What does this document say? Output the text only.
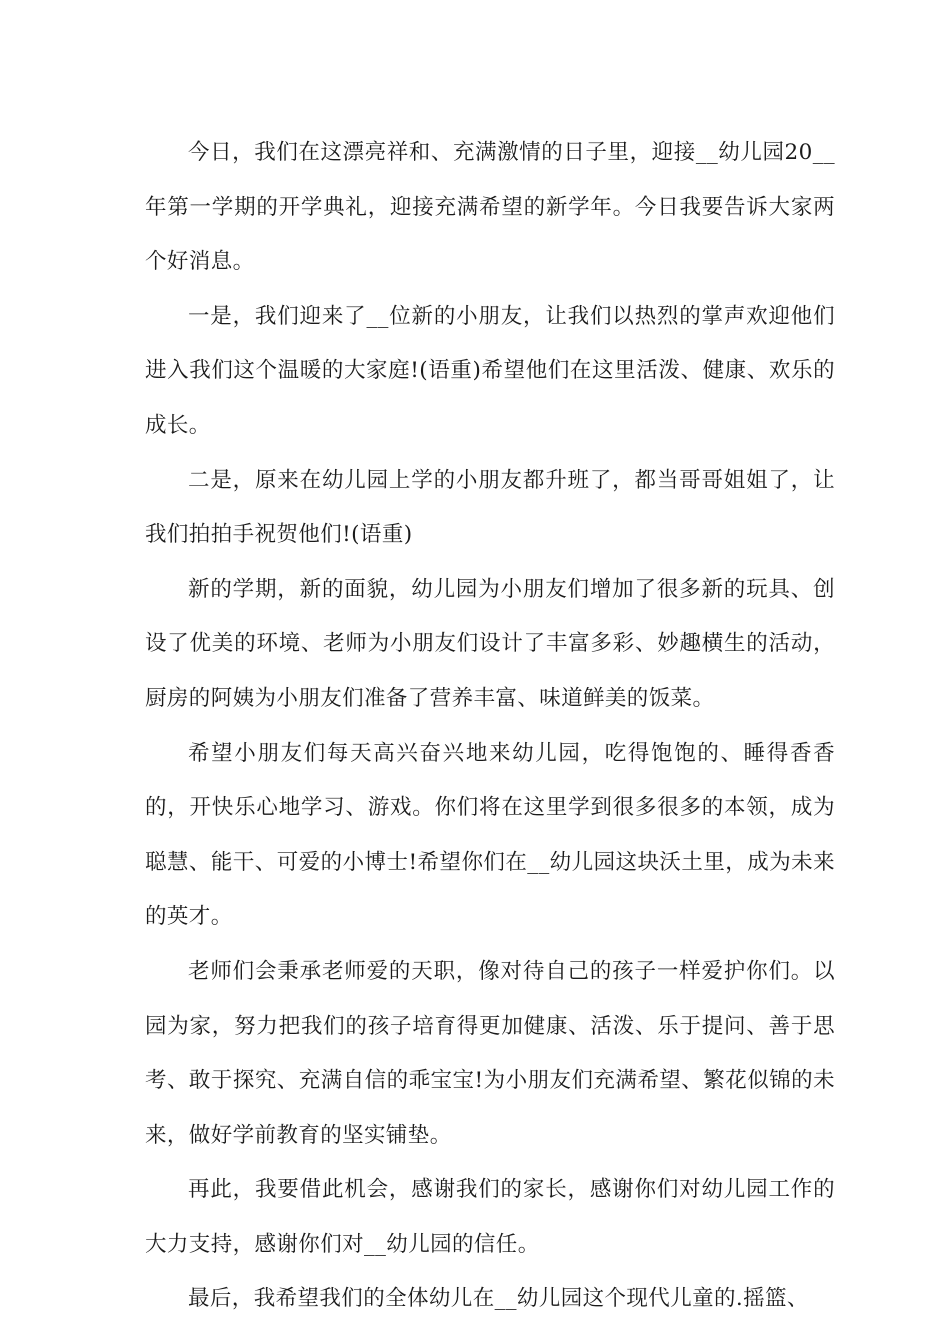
今日，我们在这漂亮祥和、充满激情的日子里，迎接__幼儿园20__年第一学期的开学典礼，迎接充满希望的新学年。今日我要告诉大家两个好消息。

一是，我们迎来了__位新的小朋友，让我们以热烈的掌声欢迎他们进入我们这个温暖的大家庭!(语重)希望他们在这里活泼、健康、欢乐的成长。

二是，原来在幼儿园上学的小朋友都升班了，都当哥哥姐姐了，让我们拍拍手祝贺他们!(语重)

新的学期，新的面貌，幼儿园为小朋友们增加了很多新的玩具、创设了优美的环境、老师为小朋友们设计了丰富多彩、妙趣横生的活动，厨房的阿姨为小朋友们准备了营养丰富、味道鲜美的饭菜。

希望小朋友们每天高兴奋兴地来幼儿园，吃得饱饱的、睡得香香的，开快乐心地学习、游戏。你们将在这里学到很多很多的本领，成为聪慧、能干、可爱的小博士!希望你们在__幼儿园这块沃土里，成为未来的英才。

老师们会秉承老师爱的天职，像对待自己的孩子一样爱护你们。以园为家，努力把我们的孩子培育得更加健康、活泼、乐于提问、善于思考、敢于探究、充满自信的乖宝宝!为小朋友们充满希望、繁花似锦的未来，做好学前教育的坚实铺垫。

再此，我要借此机会，感谢我们的家长，感谢你们对幼儿园工作的大力支持，感谢你们对__幼儿园的信任。

最后，我希望我们的全体幼儿在__幼儿园这个现代儿童的.摇篮、
